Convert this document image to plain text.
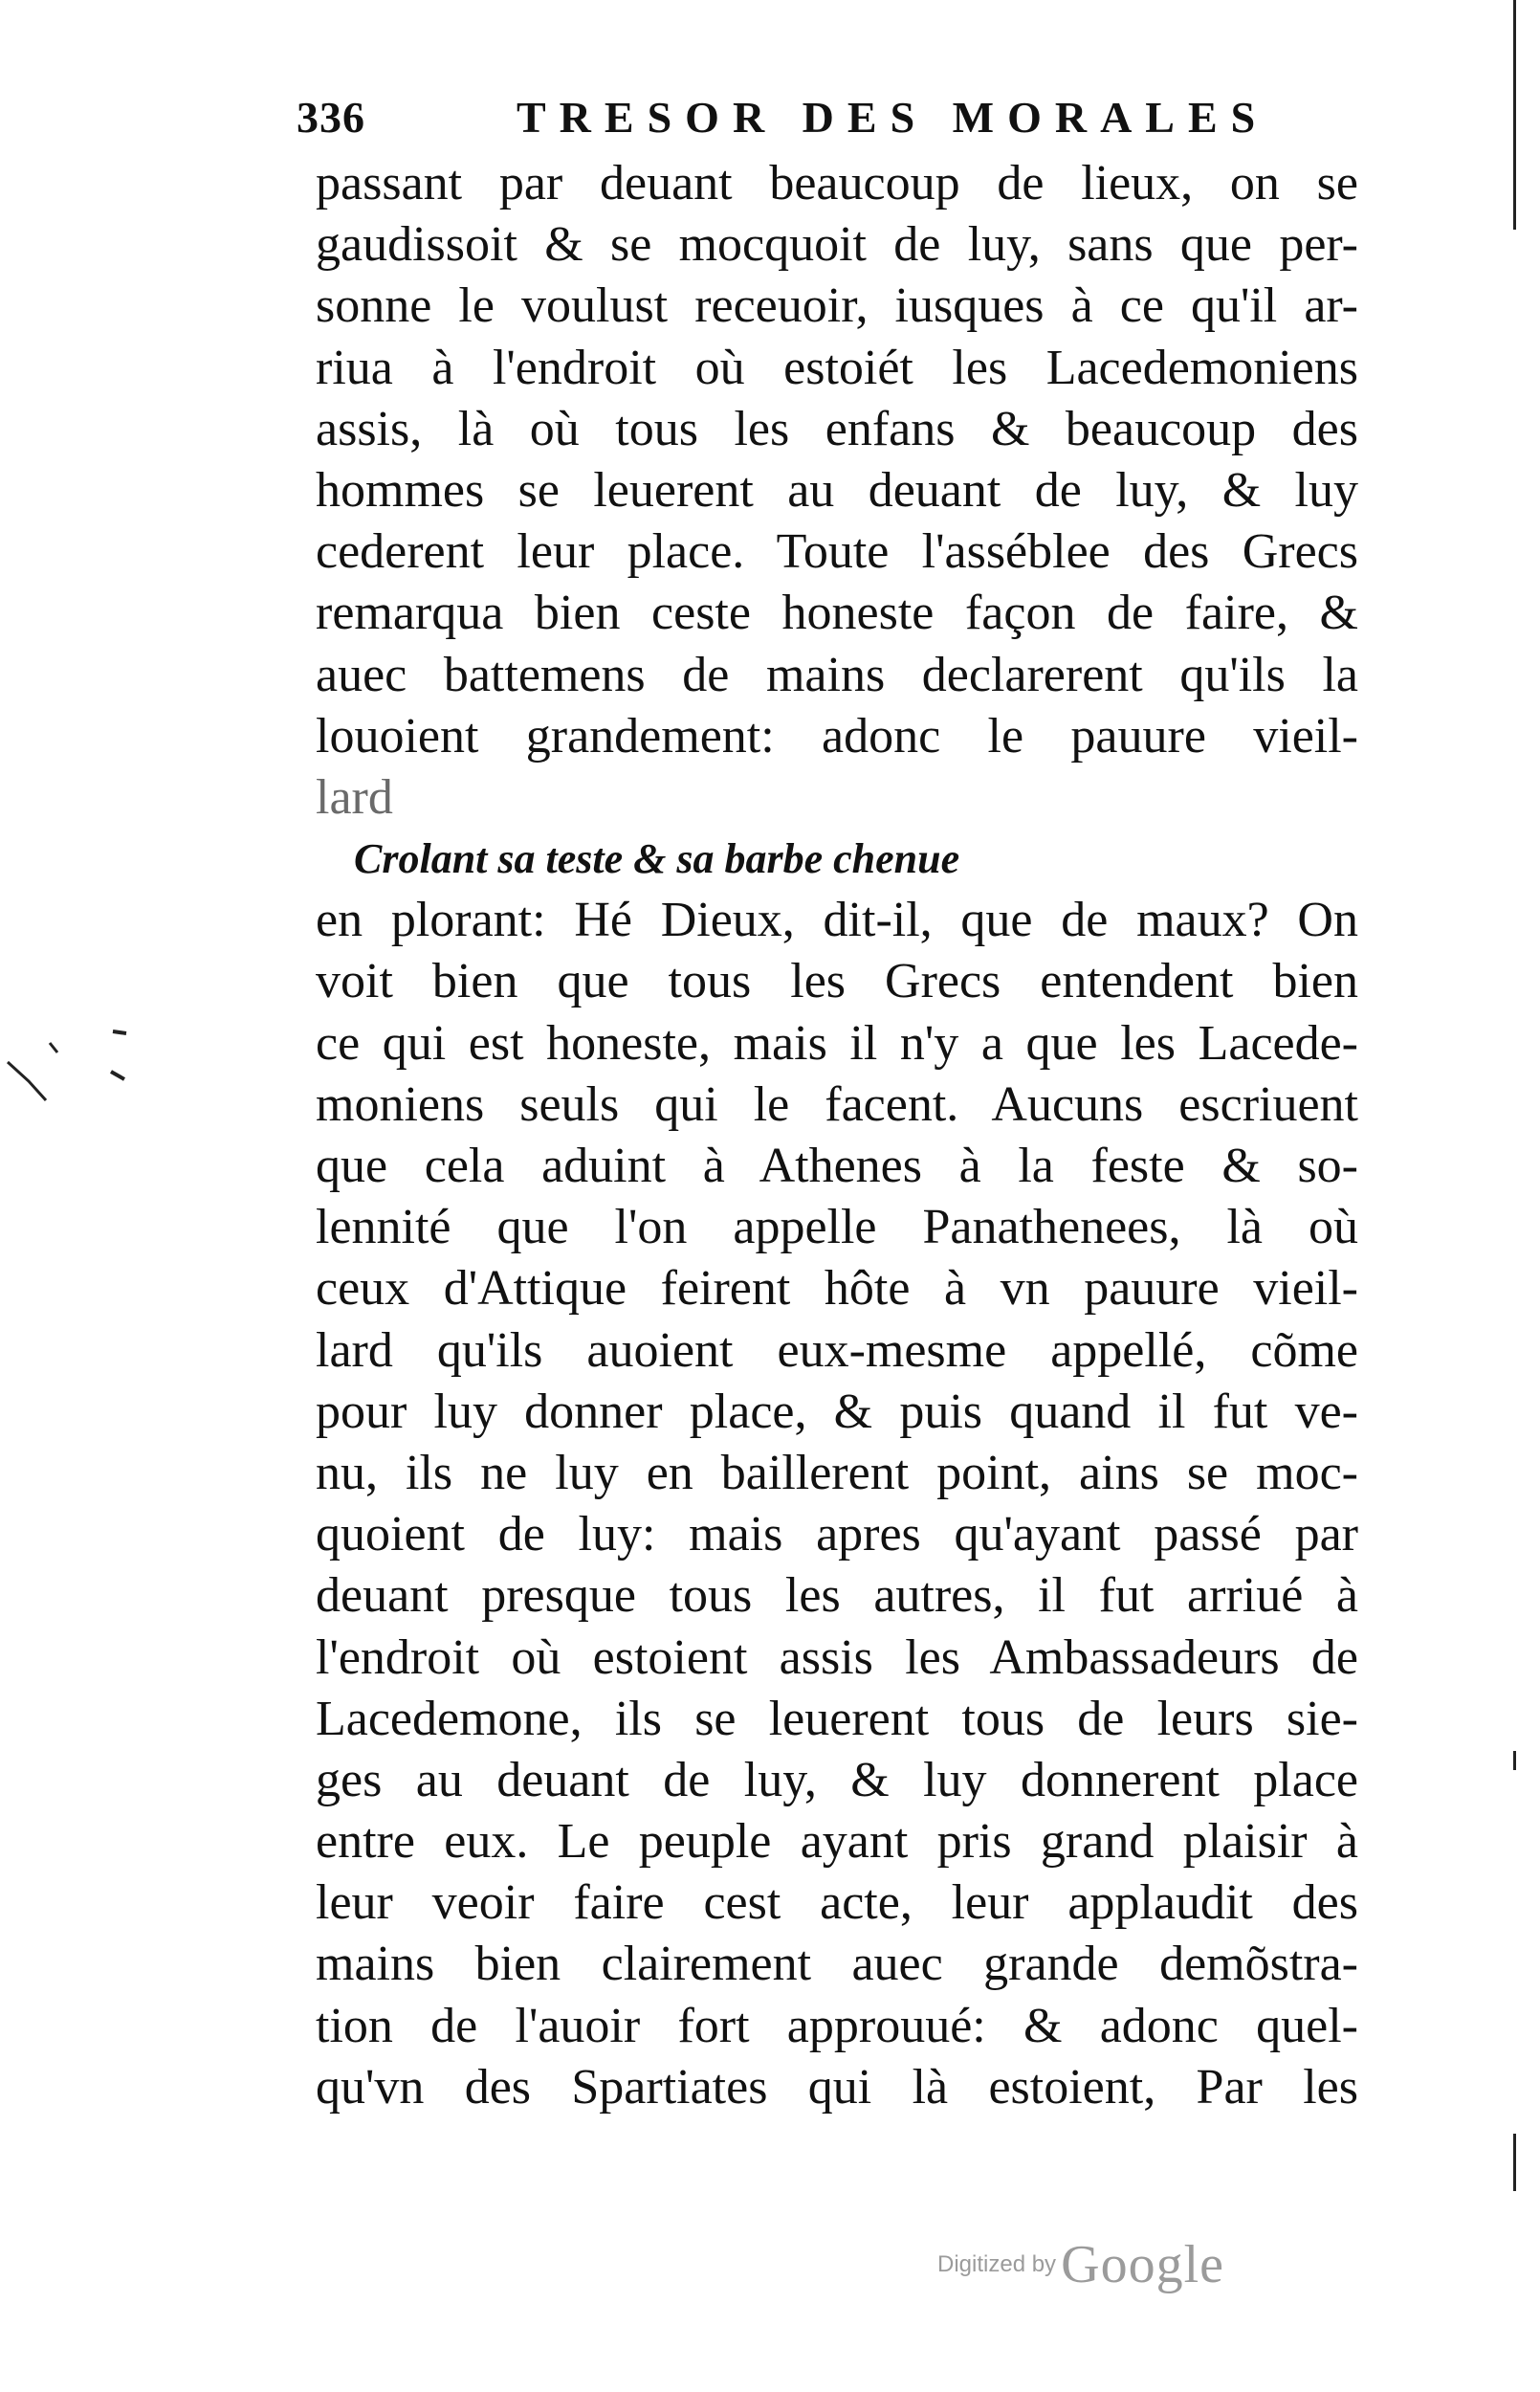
336	TRESOR DES MORALES
passant par deuant beaucoup de lieux, on se
gaudissoit & se mocquoit de luy, sans que per-
sonne le voulust receuoir, iusques à ce qu'il ar-
riua à l'endroit où estoiét les Lacedemoniens
assis, là où tous les enfans & beaucoup des
hommes se leuerent au deuant de luy, & luy
cederent leur place. Toute l'asséblee des Grecs
remarqua bien ceste honeste façon de faire, &
auec battemens de mains declarerent qu'ils la
louoient grandement: adonc le pauure vieil-
lard
Crolant sa teste & sa barbe chenue
en plorant: Hé Dieux, dit-il, que de maux? On
voit bien que tous les Grecs entendent bien
ce qui est honeste, mais il n'y a que les Lacede-
moniens seuls qui le facent. Aucuns escriuent
que cela aduint à Athenes à la feste & so-
lennité que l'on appelle Panathenees, là où
ceux d'Attique feirent hôte à vn pauure vieil-
lard qu'ils auoient eux-mesme appellé, cõme
pour luy donner place, & puis quand il fut ve-
nu, ils ne luy en baillerent point, ains se moc-
quoient de luy: mais apres qu'ayant passé par
deuant presque tous les autres, il fut arriué à
l'endroit où estoient assis les Ambassadeurs de
Lacedemone, ils se leuerent tous de leurs sie-
ges au deuant de luy, & luy donnerent place
entre eux. Le peuple ayant pris grand plaisir à
leur veoir faire cest acte, leur applaudit des
mains bien clairement auec grande demõstra-
tion de l'auoir fort approuué: & adonc quel-
qu'vn des Spartiates qui là estoient, Par les
Digitized by Google
